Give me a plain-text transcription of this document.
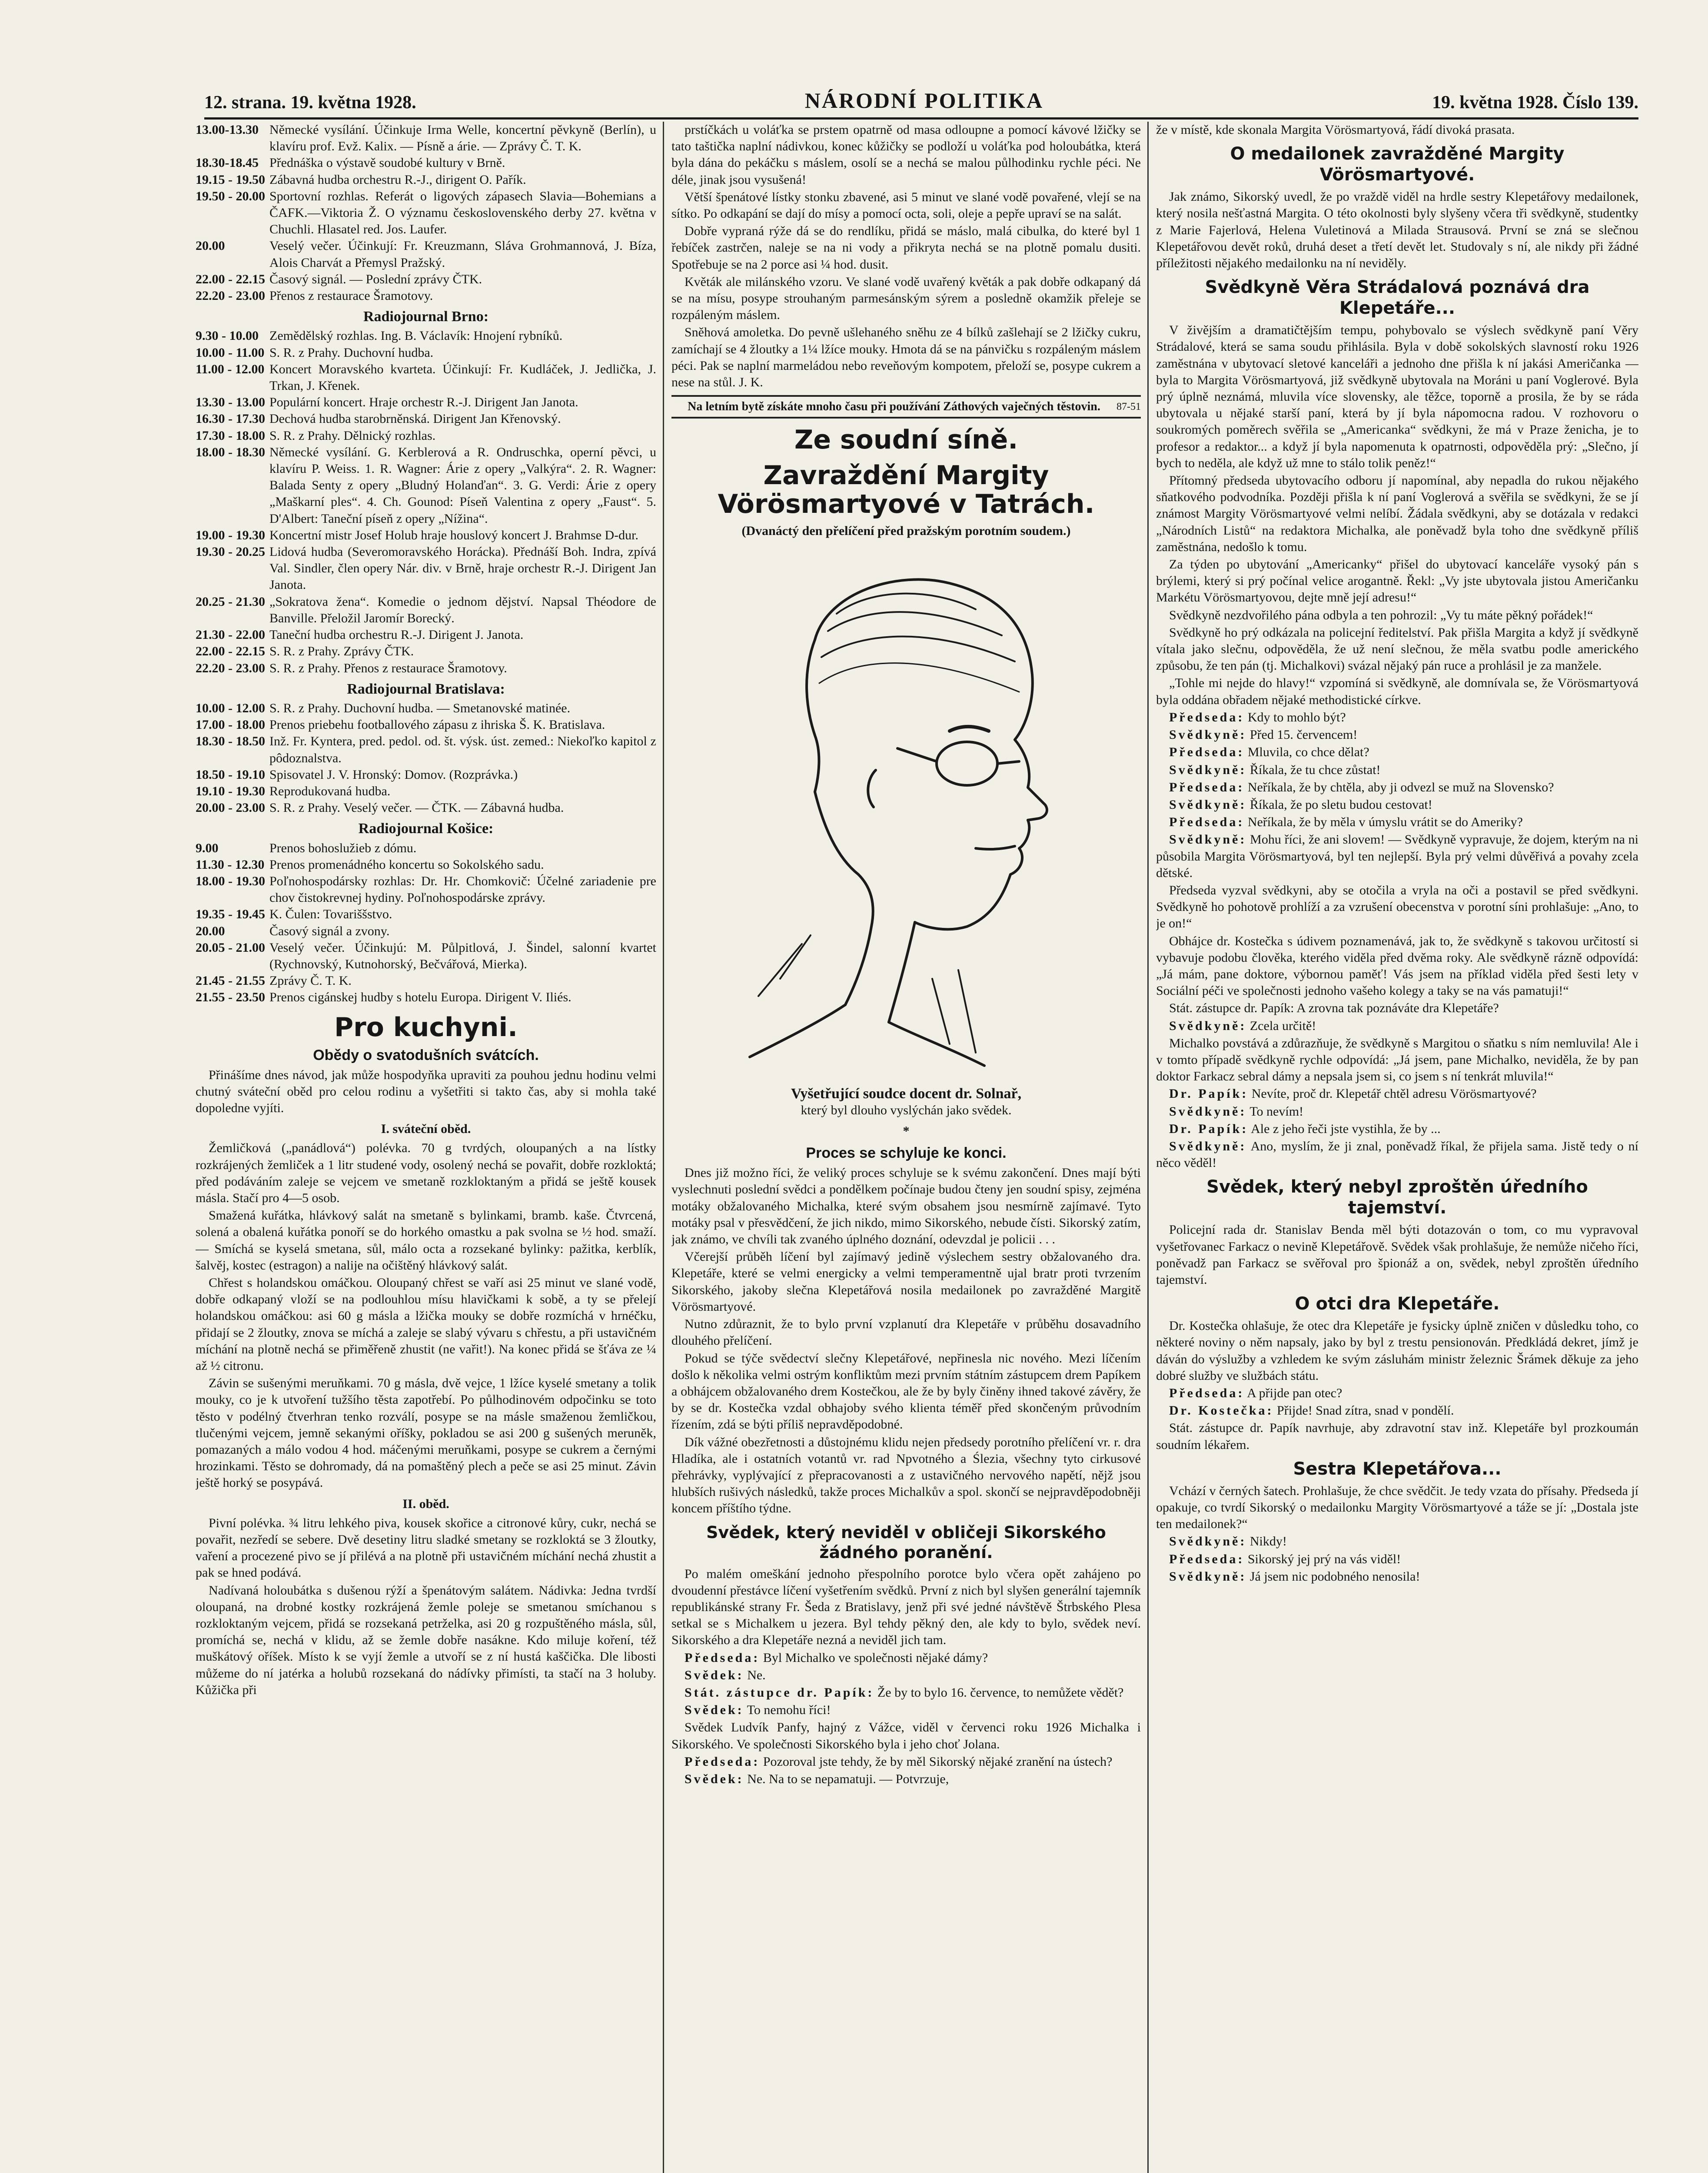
12. strana. 19. května 1928.	NÁRODNÍ POLITIKA	19. května 1928. Číslo 139.
13.00-13.30 Německé vysílání. Účinkuje Irma Welle, koncertní pěvkyně (Berlín), u klavíru prof. Evž. Kalix. — Písně a árie. — Zprávy Č. T. K.
18.30-18.45 Přednáška o výstavě soudobé kultury v Brně.
19.15 - 19.50 Zábavná hudba orchestru R.-J., dirigent O. Pařík.
19.50 - 20.00 Sportovní rozhlas. Referát o ligových zápasech Slavia—Bohemians a ČAFK.—Viktoria Ž. O významu československého derby 27. května v Chuchli. Hlasatel red. Jos. Laufer.
20.00	Veselý večer. Účinkují: Fr. Kreuzmann, Sláva Grohmannová, J. Bíza, Alois Charvát a Přemysl Pražský.
22.00 - 22.15 Časový signál. — Poslední zprávy ČTK.
22.20 - 23.00 Přenos z restaurace Šramotovy.
Radiojournal Brno:
9.30 - 10.00 Zemědělský rozhlas. Ing. B. Václavík: Hnojení rybníků.
10.00 - 11.00 S. R. z Prahy. Duchovní hudba.
11.00 - 12.00 Koncert Moravského kvarteta. Účinkují: Fr. Kudláček, J. Jedlička, J. Trkan, J. Křenek.
13.30 - 13.00 Populární koncert. Hraje orchestr R.-J. Dirigent Jan Janota.
16.30 - 17.30 Dechová hudba starobrněnská. Dirigent Jan Křenovský.
17.30 - 18.00 S. R. z Prahy. Dělnický rozhlas.
18.00 - 18.30 Německé vysílání. G. Kerblerová a R. Ondruschka, operní pěvci, u klavíru P. Weiss. 1. R. Wagner: Árie z opery „Valkýra“. 2. R. Wagner: Balada Senty z opery „Bludný Holanďan“. 3. G. Verdi: Árie z opery „Maškarní ples“. 4. Ch. Gounod: Píseň Valentina z opery „Faust“. 5. D'Albert: Taneční píseň z opery „Nížina“.
19.00 - 19.30 Koncertní mistr Josef Holub hraje houslový koncert J. Brahmse D-dur.
19.30 - 20.25 Lidová hudba (Severomoravského Horácka). Přednáší Boh. Indra, zpívá Val. Sindler, člen opery Nár. div. v Brně, hraje orchestr R.-J. Dirigent Jan Janota.
20.25 - 21.30 „Sokratova žena“. Komedie o jednom dějství. Napsal Théodore de Banville. Přeložil Jaromír Borecký.
21.30 - 22.00 Taneční hudba orchestru R.-J. Dirigent J. Janota.
22.00 - 22.15 S. R. z Prahy. Zprávy ČTK.
22.20 - 23.00 S. R. z Prahy. Přenos z restaurace Šramotovy.
Radiojournal Bratislava:
10.00 - 12.00 S. R. z Prahy. Duchovní hudba. — Smetanovské matinée.
17.00 - 18.00 Prenos priebehu footballového zápasu z ihriska Š. K. Bratislava.
18.30 - 18.50 Inž. Fr. Kyntera, pred. pedol. od. št. výsk. úst. zemed.: Niekoľko kapitol z pôdoznalstva.
18.50 - 19.10 Spisovatel J. V. Hronský: Domov. (Rozprávka.)
19.10 - 19.30 Reprodukovaná hudba.
20.00 - 23.00 S. R. z Prahy. Veselý večer. — ČTK. — Zábavná hudba.
Radiojournal Košice:
9.00	Prenos bohoslužieb z dómu.
11.30 - 12.30 Prenos promenádného koncertu so Sokolského sadu.
18.00 - 19.30 Poľnohospodársky rozhlas: Dr. Hr. Chomkovič: Účelné zariadenie pre chov čistokrevnej hydiny. Poľnohospodárske zprávy.
19.35 - 19.45 K. Čulen: Tovariššstvo.
20.00	Časový signál a zvony.
20.05 - 21.00 Veselý večer. Účinkujú: M. Půlpitlová, J. Šindel, salonní kvartet (Rychnovský, Kutnohorský, Bečvářová, Mierka).
21.45 - 21.55 Zprávy Č. T. K.
21.55 - 23.50 Prenos cigánskej hudby s hotelu Europa. Dirigent V. Iliés.
Pro kuchyni.
Obědy o svatodušních svátcích.

Přinášíme dnes návod, jak může hospodyňka upraviti za pouhou jednu hodinu velmi chutný sváteční oběd pro celou rodinu a vyšetřiti si takto čas, aby si mohla také dopoledne vyjíti.

I. sváteční oběd.

Žemličková („panádlová“) polévka. 70 g tvrdých, oloupaných a na lístky rozkrájených žemliček a 1 litr studené vody, osolený nechá se povařit, dobře rozkloktá; před podáváním zaleje se vejcem ve smetaně rozkloktaným a přidá se ještě kousek másla. Stačí pro 4—5 osob.

Smažená kuřátka, hlávkový salát na smetaně s bylinkami, bramb. kaše. Čtvrcená, solená a obalená kuřátka ponoří se do horkého omastku a pak svolna se ½ hod. smaží. — Smíchá se kyselá smetana, sůl, málo octa a rozsekané bylinky: pažitka, kerblík, šalvěj, kostec (estragon) a nalije na očištěný hlávkový salát.

Chřest s holandskou omáčkou. Oloupaný chřest se vaří asi 25 minut ve slané vodě, dobře odkapaný vloží se na podlouhlou mísu hlavičkami k sobě, a ty se přelejí holandskou omáčkou: asi 60 g másla a lžička mouky se dobře rozmíchá v hrnéčku, přidají se 2 žloutky, znova se míchá a zaleje se slabý vývaru s chřestu, a při ustavičném míchání na plotně nechá se přiměřeně zhustit (ne vařit!). Na konec přidá se šťáva ze ¼ až ½ citronu.

Závin se sušenými meruňkami. 70 g másla, dvě vejce, 1 lžíce kyselé smetany a tolik mouky, co je k utvoření tužšího těsta zapotřebí. Po půlhodinovém odpočinku se toto těsto v podélný čtverhran tenko rozválí, posype se na másle smaženou žemličkou, tlučenými vejcem, jemně sekanými oříšky, pokladou se asi 200 g sušených meruněk, pomazaných a málo vodou 4 hod. máčenými meruňkami, posype se cukrem a černými hrozinkami. Těsto se dohromady, dá na pomaštěný plech a peče se asi 25 minut. Závin ještě horký se posypává.

II. oběd.

Pivní polévka. ¾ litru lehkého piva, kousek skořice a citronové kůry, cukr, nechá se povařit, nezředí se sebere. Dvě desetiny litru sladké smetany se rozkloktá se 3 žloutky, vaření a procezené pivo se jí přilévá a na plotně při ustavičném míchání nechá zhustit a pak se hned podává.

Nadívaná holoubátka s dušenou rýží a špenátovým salátem. Nádivka: Jedna tvrdší oloupaná, na drobné kostky rozkrájená žemle poleje se smetanou smíchanou s rozkloktaným vejcem, přidá se rozsekaná petrželka, asi 20 g rozpuštěného másla, sůl, promíchá se, nechá v klidu, až se žemle dobře nasákne. Kdo miluje koření, též muškátový oříšek. Místo k se vyjí žemle a utvoří se z ní hustá kaščička. Dle libosti můžeme do ní jatérka a holubů rozsekaná do nádívky přimísti, ta stačí na 3 holuby. Kůžička při

prstíčkách u voláťka se prstem opatrně od masa odloupne a pomocí kávové lžičky se tato taštička naplní nádivkou, konec kůžičky se podloží u voláťka pod holoubátka, která byla dána do pekáčku s máslem, osolí se a nechá se malou půlhodinku rychle péci. Ne déle, jinak jsou vysušená!

Větší špenátové lístky stonku zbavené, asi 5 minut ve slané vodě povařené, vlejí se na sítko. Po odkapání se dají do mísy a pomocí octa, soli, oleje a pepře upraví se na salát.

Dobře vypraná rýže dá se do rendlíku, přidá se máslo, malá cibulka, do které byl 1 řebíček zastrčen, naleje se na ni vody a přikryta nechá se na plotně pomalu dusiti. Spotřebuje se na 2 porce asi ¼ hod. dusit.

Květák ale milánského vzoru. Ve slané vodě uvařený květák a pak dobře odkapaný dá se na mísu, posype strouhaným parmesánským sýrem a posledně okamžik přeleje se rozpáleným máslem.

Sněhová amoletka. Do pevně ušlehaného sněhu ze 4 bílků zašlehají se 2 lžičky cukru, zamíchají se 4 žloutky a 1¼ lžíce mouky. Hmota dá se na pánvičku s rozpáleným máslem péci. Pak se naplní marmeládou nebo reveňovým kompotem, přeloží se, posype cukrem a nese na stůl. J. K.

Na letním bytě získáte mnoho času při používání Záthových vaječných těstovin. 87-51
Ze soudní síně.
Zavraždění Margity Vörösmartyové v Tatrách.
(Dvanáctý den přelíčení před pražským porotním soudem.)
Vyšetřující soudce docent dr. Solnař,
který byl dlouho vyslýchán jako svědek.
*
Proces se schyluje ke konci.

Dnes již možno říci, že veliký proces schyluje se k svému zakončení. Dnes mají býti vyslechnuti poslední svědci a pondělkem počínaje budou čteny jen soudní spisy, zejména motáky obžalovaného Michalka, které svým obsahem jsou nesmírně zajímavé. Tyto motáky psal v přesvědčení, že jich nikdo, mimo Sikorského, nebude čísti. Sikorský zatím, jak známo, ve chvíli tak zvaného úplného doznání, odevzdal je policii . . .

Včerejší průběh líčení byl zajímavý jedině výslechem sestry obžalovaného dra. Klepetáře, které se velmi energicky a velmi temperamentně ujal bratr proti tvrzením Sikorského, jakoby slečna Klepetářová nosila medailonek po zavražděné Margitě Vörösmartyové.

Nutno zdůraznit, že to bylo první vzplanutí dra Klepetáře v průběhu dosavadního dlouhého přelíčení.

Pokud se týče svědectví slečny Klepetářové, nepřinesla nic nového. Mezi líčením došlo k několika velmi ostrým konfliktům mezi prvním státním zástupcem drem Papíkem a obhájcem obžalovaného drem Kostečkou, ale že by byly činěny ihned takové závěry, že by se dr. Kostečka vzdal obhajoby svého klienta téměř před skončeným průvodním řízením, zdá se býti příliš nepravděpodobné.

Dík vážné obezřetnosti a důstojnému klidu nejen předsedy porotního přelíčení vr. r. dra Hladíka, ale i ostatních votantů vr. rad Npvotného a Ślezia, všechny tyto cirkusové přehrávky, vyplývající z přepracovanosti a z ustavičného nervového napětí, nějž jsou hlubších rušivých následků, takže proces Michalkův a spol. skončí se nejpravděpodobněji koncem příštího týdne.

Svědek, který neviděl v obličeji Sikorského žádného poranění.

Po malém omeškání jednoho přespolního porotce bylo včera opět zahájeno po dvoudenní přestávce líčení vyšetřením svědků. První z nich byl slyšen generální tajemník republikánské strany Fr. Šeda z Bratislavy, jenž při své jedné návštěvě Štrbského Plesa setkal se s Michalkem u jezera. Byl tehdy pěkný den, ale kdy to bylo, svědek neví. Sikorského a dra Klepetáře nezná a neviděl jich tam.

Předseda: Byl Michalko ve společnosti nějaké dámy?

Svědek: Ne.

Stát. zástupce dr. Papík: Že by to bylo 16. července, to nemůžete vědět?

Svědek: To nemohu říci!

Svědek Ludvík Panfy, hajný z Vážce, viděl v červenci roku 1926 Michalka i Sikorského. Ve společnosti Sikorského byla i jeho choť Jolana.

Předseda: Pozoroval jste tehdy, že by měl Sikorský nějaké zranění na ústech?

Svědek: Ne. Na to se nepamatuji. — Potvrzuje,

že v místě, kde skonala Margita Vörösmartyová, řádí divoká prasata.

O medailonek zavražděné Margity Vörösmartyové.

Jak známo, Sikorský uvedl, že po vraždě viděl na hrdle sestry Klepetářovy medailonek, který nosila nešťastná Margita. O této okolnosti byly slyšeny včera tři svědkyně, studentky z Marie Fajerlová, Helena Vuletinová a Milada Strausová. První se zná se slečnou Klepetářovou devět roků, druhá deset a třetí devět let. Studovaly s ní, ale nikdy při žádné příležitosti nějakého medailonku na ní neviděly.

Svědkyně Věra Strádalová poznává dra Klepetáře...

V živějším a dramatičtějším tempu, pohybovalo se výslech svědkyně paní Věry Strádalové, která se sama soudu přihlásila. Byla v době sokolských slavností roku 1926 zaměstnána v ubytovací sletové kanceláři a jednoho dne přišla k ní jakási Američanka — byla to Margita Vörösmartyová, již svědkyně ubytovala na Moráni u paní Voglerové. Byla prý úplně neznámá, mluvila více slovensky, ale těžce, toporně a prosila, že by se ráda ubytovala u nějaké starší paní, která by jí byla nápomocna radou. V rozhovoru o soukromých poměrech svěřila se „Americanka“ svědkyni, že má v Praze ženicha, je to profesor a redaktor... a když jí byla napomenuta k opatrnosti, odpověděla prý: „Slečno, jí bych to neděla, ale když už mne to stálo tolik peněz!“

Přítomný předseda ubytovacího odboru jí napomínal, aby nepadla do rukou nějakého sňatkového podvodníka. Později přišla k ní paní Voglerová a svěřila se svědkyni, že se jí známost Margity Vörösmartyové velmi nelíbí. Žádala svědkyni, aby se dotázala v redakci „Národních Listů“ na redaktora Michalka, ale poněvadž byla toho dne svědkyně příliš zaměstnána, nedošlo k tomu.

Za týden po ubytování „Americanky“ přišel do ubytovací kanceláře vysoký pán s brýlemi, který si prý počínal velice arogantně. Řekl: „Vy jste ubytovala jistou Američanku Markétu Vörösmartyovou, dejte mně její adresu!“

Svědkyně nezdvořilého pána odbyla a ten pohrozil: „Vy tu máte pěkný pořádek!“

Svědkyně ho prý odkázala na policejní ředitelství. Pak přišla Margita a když jí svědkyně vítala jako slečnu, odpověděla, že už není slečnou, že měla svatbu podle amerického způsobu, že ten pán (tj. Michalkovi) svázal nějaký pán ruce a prohlásil je za manžele.

„Tohle mi nejde do hlavy!“ vzpomíná si svědkyně, ale domnívala se, že Vörösmartyová byla oddána obřadem nějaké methodistické církve.

Předseda: Kdy to mohlo být?

Svědkyně: Před 15. červencem!

Předseda: Mluvila, co chce dělat?

Svědkyně: Říkala, že tu chce zůstat!

Předseda: Neříkala, že by chtěla, aby ji odvezl se muž na Slovensko?

Svědkyně: Říkala, že po sletu budou cestovat!

Předseda: Neříkala, že by měla v úmyslu vrátit se do Ameriky?

Svědkyně: Mohu říci, že ani slovem! — Svědkyně vypravuje, že dojem, kterým na ni působila Margita Vörösmartyová, byl ten nejlepší. Byla prý velmi důvěřivá a povahy zcela dětské.

Předseda vyzval svědkyni, aby se otočila a vryla na oči a postavil se před svědkyni. Svědkyně ho pohotově prohlíží a za vzrušení obecenstva v porotní síni prohlašuje: „Ano, to je on!“

Obhájce dr. Kostečka s údivem poznamenává, jak to, že svědkyně s takovou určitostí si vybavuje podobu člověka, kterého viděla před dvěma roky. Ale svědkyně rázně odpovídá: „Já mám, pane doktore, výbornou paměť! Vás jsem na příklad viděla před šesti lety v Sociální péči ve společnosti jednoho vašeho kolegy a taky se na vás pamatuji!“

Stát. zástupce dr. Papík: A zrovna tak poznáváte dra Klepetáře?

Svědkyně: Zcela určitě!

Michalko povstává a zdůrazňuje, že svědkyně s Margitou o sňatku s ním nemluvila! Ale i v tomto případě svědkyně rychle odpovídá: „Já jsem, pane Michalko, neviděla, že by pan doktor Farkacz sebral dámy a nepsala jsem si, co jsem s ní tenkrát mluvila!“

Dr. Papík: Nevíte, proč dr. Klepetář chtěl adresu Vörösmartyové?

Svědkyně: To nevím!

Dr. Papík: Ale z jeho řeči jste vystihla, že by ...

Svědkyně: Ano, myslím, že ji znal, poněvadž říkal, že přijela sama. Jistě tedy o ní něco věděl!

Svědek, který nebyl zproštěn úředního tajemství.

Policejní rada dr. Stanislav Benda měl býti dotazován o tom, co mu vypravoval vyšetřovanec Farkacz o nevině Klepetářově. Svědek však prohlašuje, že nemůže ničeho říci, poněvadž pan Farkacz se svěřoval pro špionáž a on, svědek, nebyl zproštěn úředního tajemství.

O otci dra Klepetáře.

Dr. Kostečka ohlašuje, že otec dra Klepetáře je fysicky úplně zničen v důsledku toho, co některé noviny o něm napsaly, jako by byl z trestu pensionován. Předkládá dekret, jímž je dáván do výslužby a vzhledem ke svým zásluhám ministr železnic Šrámek děkuje za jeho dobré služby ve službách státu.

Předseda: A přijde pan otec?

Dr. Kostečka: Přijde! Snad zítra, snad v pondělí.

Stát. zástupce dr. Papík navrhuje, aby zdravotní stav inž. Klepetáře byl prozkoumán soudním lékařem.

Sestra Klepetářova...

Vchází v černých šatech. Prohlašuje, že chce svědčit. Je tedy vzata do přísahy. Předseda jí opakuje, co tvrdí Sikorský o medailonku Margity Vörösmartyové a táže se jí: „Dostala jste ten medailonek?“

Svědkyně: Nikdy!

Předseda: Sikorský jej prý na vás viděl!

Svědkyně: Já jsem nic podobného nenosila!
